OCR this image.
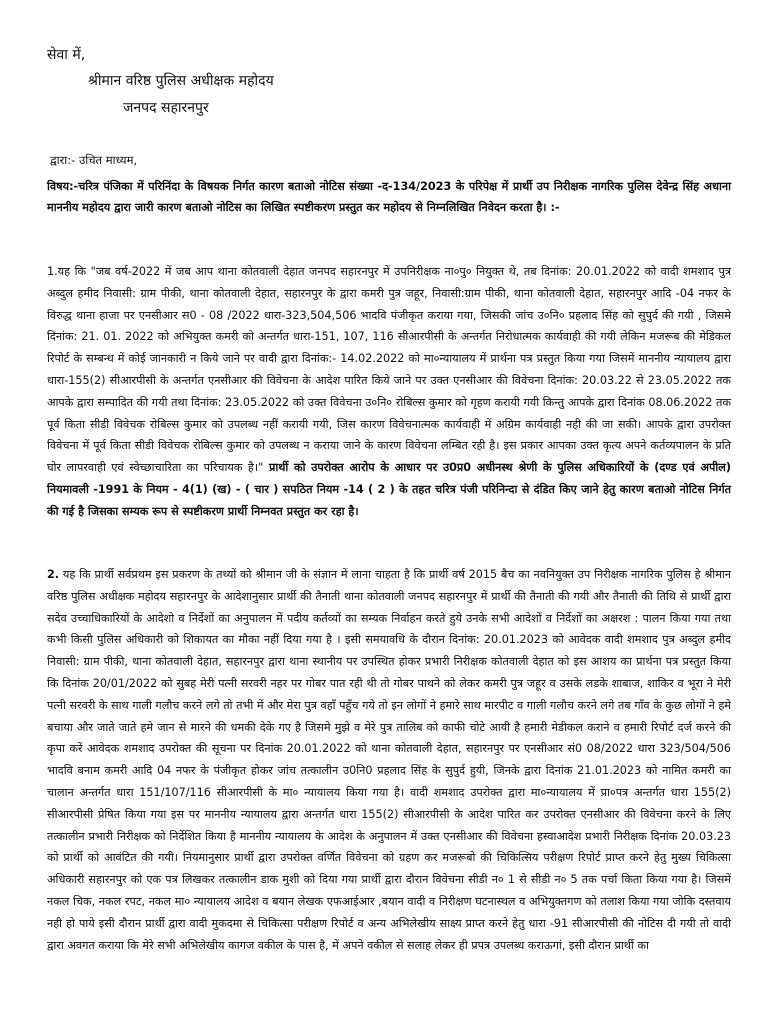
सेवा में,

श्रीमान वरिष्ठ पुलिस अधीक्षक महोदय

जनपद सहारनपुर

द्वारा:- उचित माध्यम,

विषय:-चरित्र पंजिका में परिनिंदा के विषयक निर्गत कारण बताओ नोटिस संख्या -द-134/2023 के परिपेक्ष में प्रार्थी उप निरीक्षक नागरिक पुलिस देवेन्द्र सिंह अधाना माननीय महोदय द्वारा जारी कारण बताओ नोटिस का लिखित स्पष्टीकरण प्रस्तुत कर महोदय से निम्नलिखित निवेदन करता है। :-

1.यह कि "जब वर्ष-2022 में जब आप थाना कोतवाली देहात जनपद सहारनपुर में उपनिरीक्षक ना०पु० नियुक्त थे, तब दिनांक: 20.01.2022 को वादी शमशाद पुत्र अब्दुल हमीद निवासी: ग्राम पीकी, थाना कोतवाली देहात, सहारनपुर के द्वारा कमरी पुत्र जहूर, निवासी:ग्राम पीकी, थाना कोतवाली देहात, सहारनपुर आदि -04 नफर के विरुद्ध थाना हाजा पर एनसीआर स0 - 08 /2022 धारा-323,504,506 भादवि पंजीकृत कराया गया, जिसकी जांच उ०नि० प्रहलाद सिंह को सुपुर्द की गयी , जिसमे दिनांक: 21. 01. 2022 को अभियुक्त कमरी को अन्तर्गत धारा-151, 107, 116 सीआरपीसी के अन्तर्गत निरोधात्मक कार्यवाही की गयी लेकिन मजरूब की मेडिकल रिपोर्ट के सम्बन्ध में कोई जानकारी न किये जाने पर वादी द्वारा दिनांक:- 14.02.2022 को मा०न्यायालय में प्रार्थना पत्र प्रस्तुत किया गया जिसमें माननीय न्यायालय द्वारा धारा-155(2) सीआरपीसी के अन्तर्गत एनसीआर की विवेचना के आदेश पारित किये जाने पर उक्त एनसीआर की विवेचना दिनांक: 20.03.22 से 23.05.2022 तक आपके द्वारा सम्पादित की गयी तथा दिनांक: 23.05.2022 को उक्त विवेचना उ०नि० रोबिल्स कुमार को गृहण करायी गयी किन्तु आपके द्वारा दिनांक 08.06.2022 तक पूर्व किता सीडी विवेचक रोबिल्स कुमार को उपलब्ध नहीं करायी गयी, जिस कारण विवेचनात्मक कार्यवाही में अग्रिम कार्यवाही नही की जा सकी। आपके द्वारा उपरोक्त विवेचना में पूर्व किता सीडी विवेचक रोबिल्स कुमार को उपलब्ध न कराया जाने के कारण विवेचना लम्बित रही है। इस प्रकार आपका उक्त कृत्य अपने कर्तव्यपालन के प्रति घोर लापरवाही एवं स्वेच्छाचारिता का परिचायक है।" प्रार्थी को उपरोक्त आरोप के आधार पर उ0प्र0 अधीनस्थ श्रेणी के पुलिस अधिकारियों के (दण्ड एवं अपील) नियमावली -1991 के नियम - 4(1) (ख) - ( चार ) सपठित नियम -14 ( 2 ) के तहत चरित्र पंजी परिनिन्दा से दंडित किए जाने हेतु कारण बताओ नोटिस निर्गत की गई है जिसका सम्यक रूप से स्पष्टीकरण प्रार्थी निम्नवत प्रस्तुत कर रहा है।

2. यह कि प्रार्थी सर्वप्रथम इस प्रकरण के तथ्यों को श्रीमान जी के संज्ञान में लाना चाहता है कि प्रार्थी वर्ष 2015 बैच का नवनियुक्त उप निरीक्षक नागरिक पुलिस हे श्रीमान वरिष्ठ पुलिस अधीक्षक महोदय सहारनपुर के आदेशानुसार प्रार्थी की तैनाती थाना कोतवाली जनपद सहारनपुर में प्रार्थी की तैनाती की गयी और तैनाती की तिथि से प्रार्थी द्वारा सदेव उच्चाधिकारियों के आदेशो व निर्देशों का अनुपालन में पदीय कर्तव्यों का सम्यक निर्वाहन करते हुये उनके सभी आदेशों व निर्देशों का अक्षरश : पालन किया गया तथा कभी किसी पुलिस अधिकारी को शिकायत का मौका नहीं दिया गया है । इसी समयावधि के दौरान दिनांक: 20.01.2023 को आवेदक वादी शमशाद पुत्र अब्दुल हमीद निवासी: ग्राम पीकी, थाना कोतवाली देहात, सहारनपुर द्वारा थाना स्थानीय पर उपस्थित होकर प्रभारी निरीक्षक कोतवाली देहात को इस आशय का प्रार्थना पत्र प्रस्तुत किया कि दिनांक 20/01/2022 को सुबह मेरी पत्नी सरवरी नहर पर गोबर पात रही थी तो गोबर पाथने को लेकर कमरी पुत्र जहूर व उसके लडके शाबाज, शाकिर व भूरा ने मेरी पत्नी सरवरी के साथ गाली गलौच करने लगे तो तभी में और मेरा पुत्र वहाँ पहुँच गये तो इन लोगों ने हमारे साथ मारपीट व गाली गलौच करने लगे तब गाँव के कुछ लोगों ने हमे बचाया और जाते जाते हमे जान से मारने की धमकी देके गए है जिसमे मुझे व मेरे पुत्र तालिब को काफी चोटे आयी है हमारी मेडीकल कराने व हमारी रिपोर्ट दर्ज करने की कृपा करें आवेदक शमशाद उपरोक्त की सूचना पर दिनांक 20.01.2022 को थाना कोतवाली देहात, सहारनपुर पर एनसीआर सं0 08/2022 धारा 323/504/506 भादवि बनाम कमरी आदि 04 नफर के पंजीकृत होकर जांच तत्कालीन उ0नि0 प्रहलाद सिंह के सुपुर्द हुयी, जिनके द्वारा दिनांक 21.01.2023 को नामित कमरी का चालान अन्तर्गत धारा 151/107/116 सीआरपीसी के मा० न्यायालय किया गया है। वादी शमशाद उपरोक्त द्वारा मा०न्यायालय में प्रा०पत्र अन्तर्गत धारा 155(2) सीआरपीसी प्रेषित किया गया इस पर माननीय न्यायालय द्वारा अन्तर्गत धारा 155(2) सीआरपीसी के आदेश पारित कर उपरोक्त एनसीआर की विवेचना करने के लिए तत्कालीन प्रभारी निरीक्षक को निर्देशित किया है माननीय न्यायालय के आदेश के अनुपालन में उक्त एनसीआर की विवेचना हस्वाआदेश प्रभारी निरीक्षक दिनांक 20.03.23 को प्रार्थी को आवंटित की गयी। नियमानुसार प्रार्थी द्वारा उपरोक्त वर्णित विवेचना को ग्रहण कर मजरूबो की चिकित्सिय परीक्षण रिपोर्ट प्राप्त करने हेतु मुख्य चिकित्सा अधिकारी सहारनपुर को एक पत्र लिखकर तत्कालीन डाक मुशी को दिया गया प्रार्थी द्वारा दौरान विवेचना सीडी न० 1 से सीडी न० 5 तक पर्चा किता किया गया है। जिसमें नकल चिक, नकल रपट, नकल मा० न्यायालय आदेश व बयान लेखक एफआईआर ,बयान वादी व निरीक्षण घटनास्थल व अभियुक्तगण को तलाश किया गया जोकि दस्तवाय नही हो पाये इसी दौरान प्रार्थी द्वारा वादी मुकदमा से चिकित्सा परीक्षण रिपोर्ट व अन्य अभिलेखीय साक्ष्य प्राप्त करने हेतु धारा -91 सीआरपीसी की नोटिस दी गयी तो वादी द्वारा अवगत कराया कि मेरे सभी अभिलेखीय कागज वकील के पास है, में अपने वकील से सलाह लेकर ही प्रपत्र उपलब्ध कराऊगां, इसी दौरान प्रार्थी का
